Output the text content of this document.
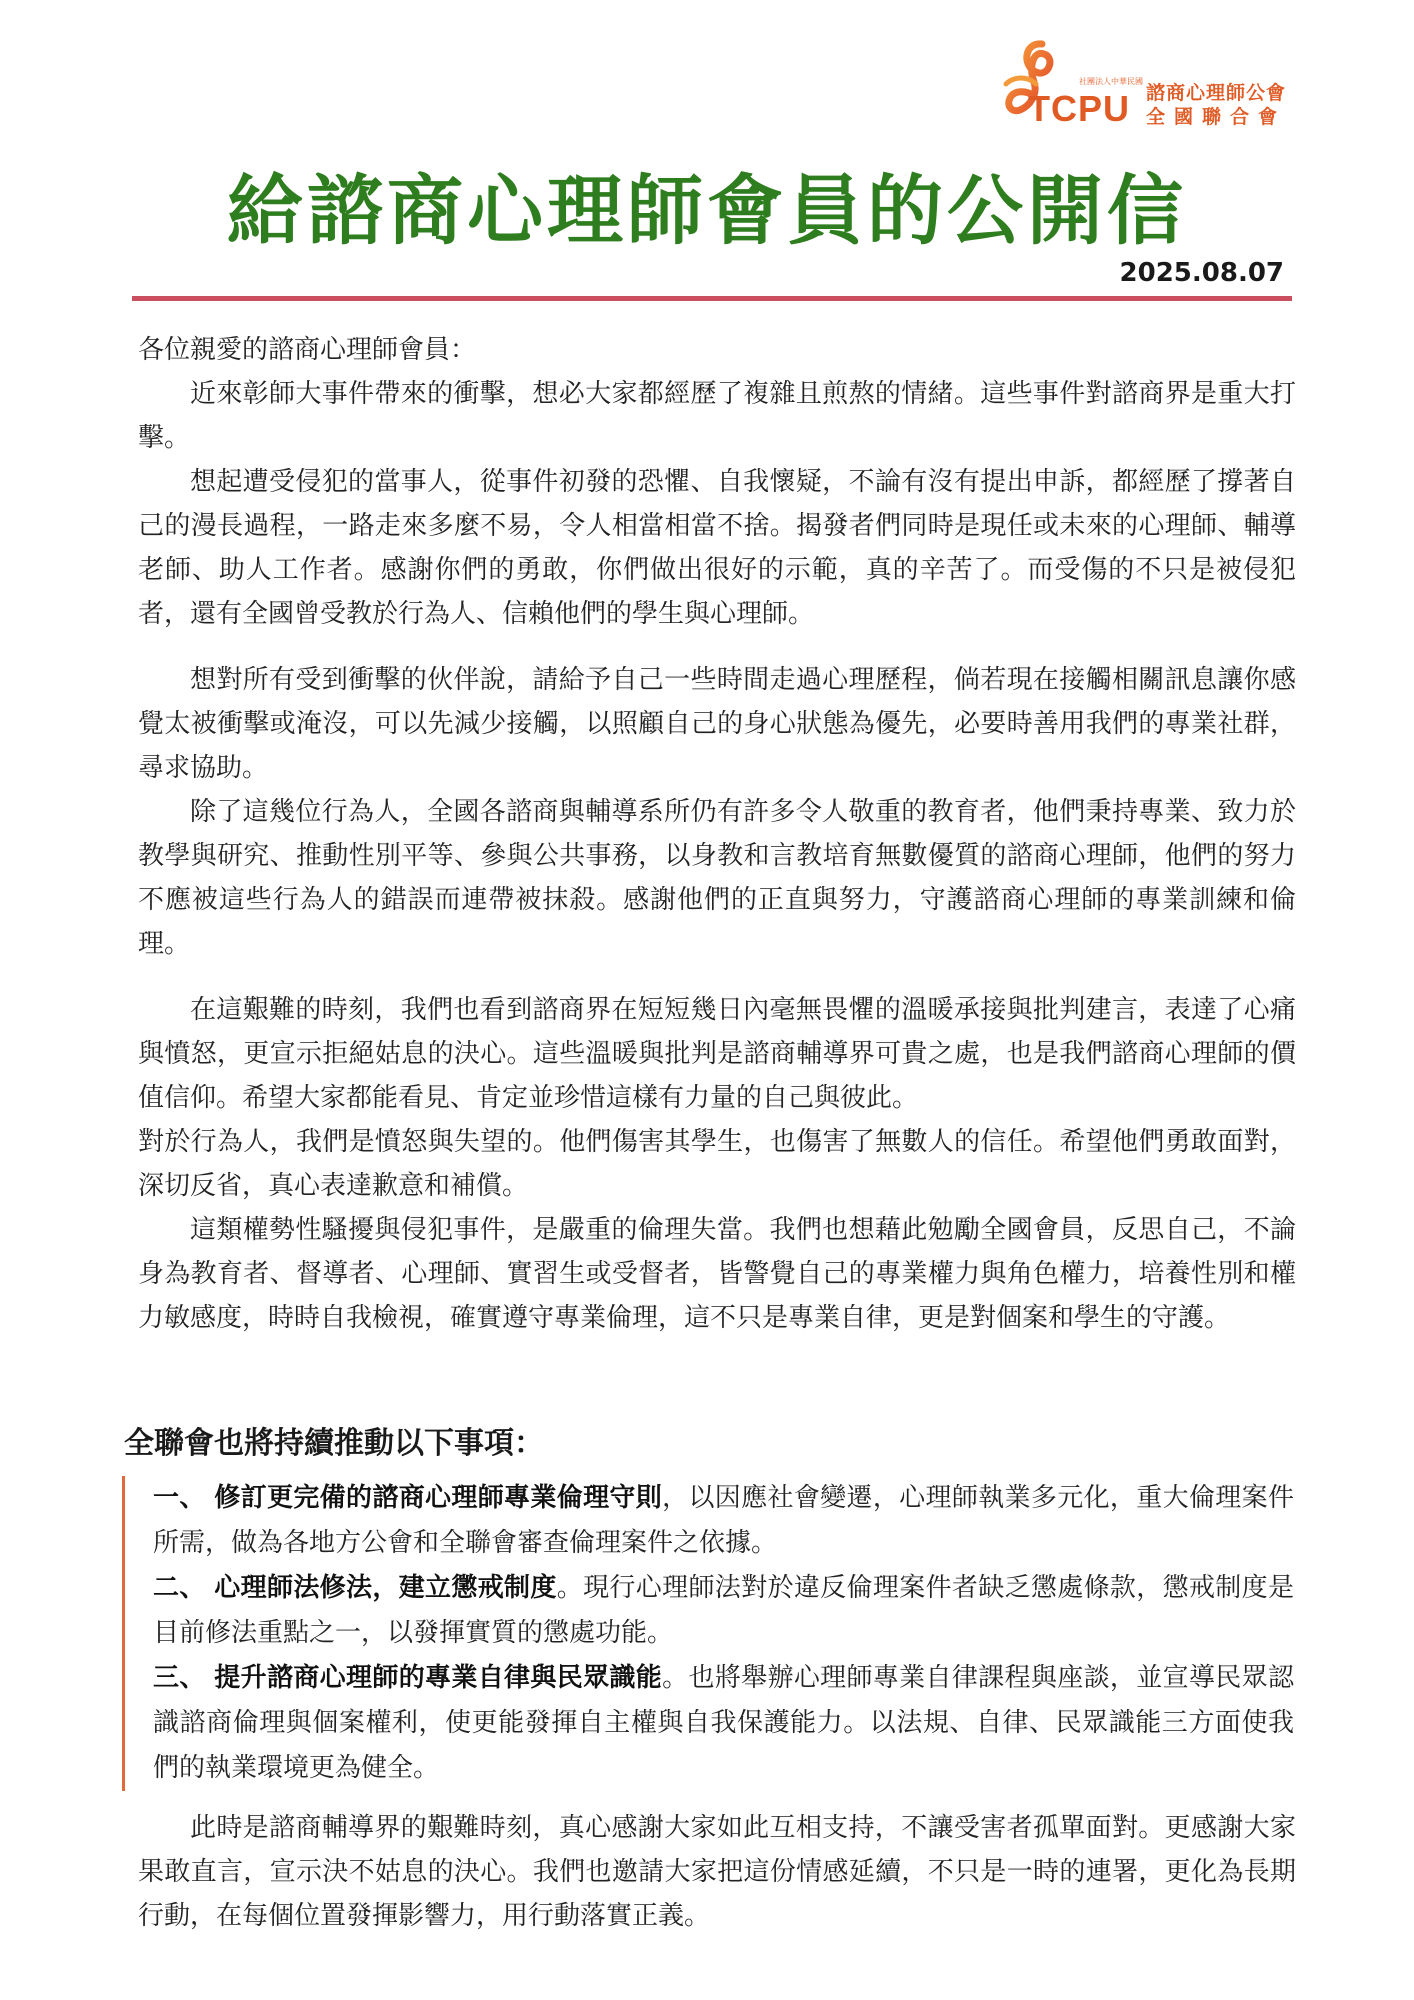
社團法人中華民國
TCPU 諮商心理師公會
全國聯合會
給諮商心理師會員的公開信
2025.08.07

各位親愛的諮商心理師會員：

近來彰師大事件帶來的衝擊，想必大家都經歷了複雜且煎熬的情緒。這些事件對諮商界是重大打擊。

想起遭受侵犯的當事人，從事件初發的恐懼、自我懷疑，不論有沒有提出申訴，都經歷了撐著自己的漫長過程，一路走來多麼不易，令人相當相當不捨。揭發者們同時是現任或未來的心理師、輔導老師、助人工作者。感謝你們的勇敢，你們做出很好的示範，真的辛苦了。而受傷的不只是被侵犯者，還有全國曾受教於行為人、信賴他們的學生與心理師。

想對所有受到衝擊的伙伴說，請給予自己一些時間走過心理歷程，倘若現在接觸相關訊息讓你感覺太被衝擊或淹沒，可以先減少接觸，以照顧自己的身心狀態為優先，必要時善用我們的專業社群，尋求協助。

除了這幾位行為人，全國各諮商與輔導系所仍有許多令人敬重的教育者，他們秉持專業、致力於教學與研究、推動性別平等、參與公共事務，以身教和言教培育無數優質的諮商心理師，他們的努力不應被這些行為人的錯誤而連帶被抹殺。感謝他們的正直與努力，守護諮商心理師的專業訓練和倫理。

在這艱難的時刻，我們也看到諮商界在短短幾日內毫無畏懼的溫暖承接與批判建言，表達了心痛與憤怒，更宣示拒絕姑息的決心。這些溫暖與批判是諮商輔導界可貴之處，也是我們諮商心理師的價值信仰。希望大家都能看見、肯定並珍惜這樣有力量的自己與彼此。

對於行為人，我們是憤怒與失望的。他們傷害其學生，也傷害了無數人的信任。希望他們勇敢面對，深切反省，真心表達歉意和補償。

這類權勢性騷擾與侵犯事件，是嚴重的倫理失當。我們也想藉此勉勵全國會員，反思自己，不論身為教育者、督導者、心理師、實習生或受督者，皆警覺自己的專業權力與角色權力，培養性別和權力敏感度，時時自我檢視，確實遵守專業倫理，這不只是專業自律，更是對個案和學生的守護。

全聯會也將持續推動以下事項：

一、 修訂更完備的諮商心理師專業倫理守則，以因應社會變遷，心理師執業多元化，重大倫理案件所需，做為各地方公會和全聯會審查倫理案件之依據。

二、 心理師法修法，建立懲戒制度。現行心理師法對於違反倫理案件者缺乏懲處條款，懲戒制度是目前修法重點之一，以發揮實質的懲處功能。

三、 提升諮商心理師的專業自律與民眾識能。也將舉辦心理師專業自律課程與座談，並宣導民眾認識諮商倫理與個案權利，使更能發揮自主權與自我保護能力。以法規、自律、民眾識能三方面使我們的執業環境更為健全。

此時是諮商輔導界的艱難時刻，真心感謝大家如此互相支持，不讓受害者孤單面對。更感謝大家果敢直言，宣示決不姑息的決心。我們也邀請大家把這份情感延續，不只是一時的連署，更化為長期行動，在每個位置發揮影響力，用行動落實正義。
